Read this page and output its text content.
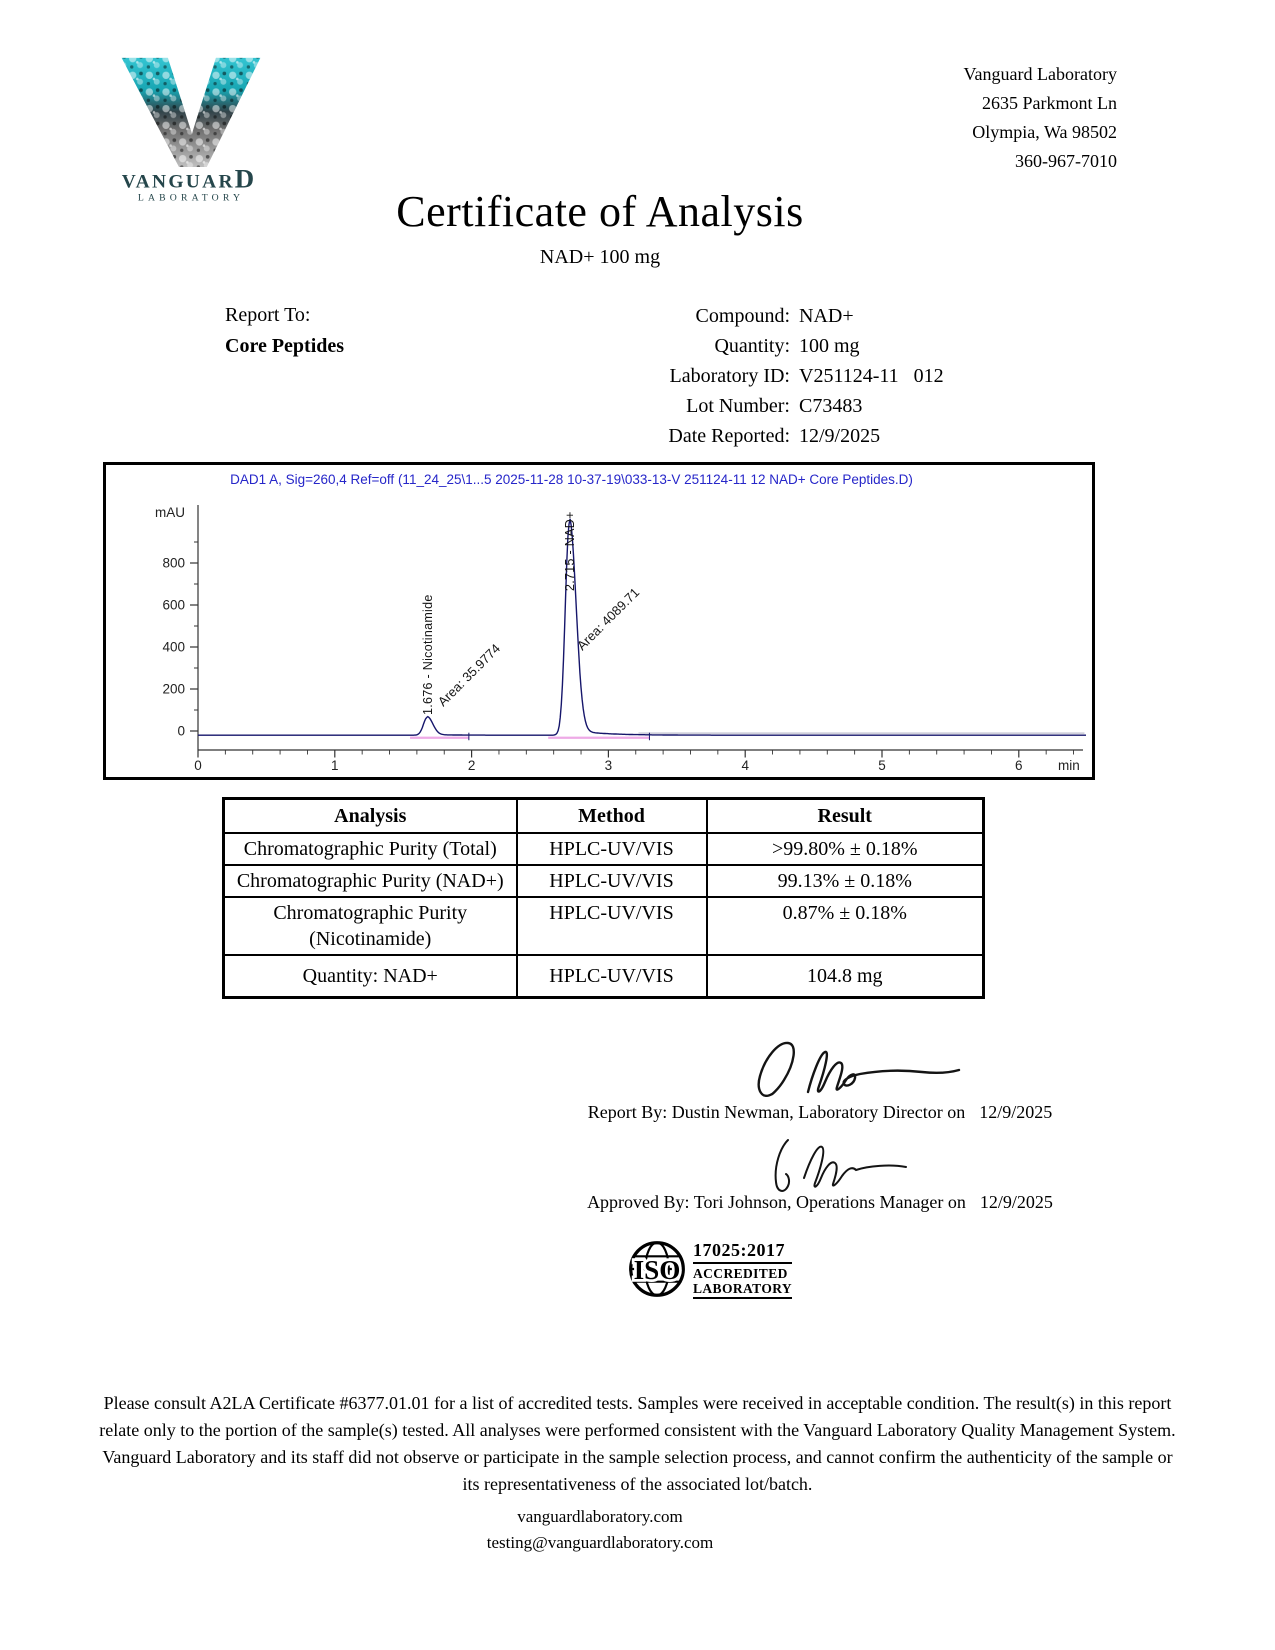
VANGUARD
LABORATORY
Vanguard Laboratory
2635 Parkmont Ln
Olympia, Wa 98502
360-967-7010
Certificate of Analysis
NAD+ 100 mg
Report To:
Core Peptides
Compound: NAD+
Quantity: 100 mg
Laboratory ID: V251124-11   012
Lot Number: C73483
Date Reported: 12/9/2025
0
200
400
600
800
mAU
0	1	2	3	4	5	6	min
1.676 - Nicotinamide Area: 35.9774
2.715 - NAD+
Area: 4089.71
DAD1 A, Sig=260,4 Ref=off (11_24_25\1...5 2025-11-28 10-37-19\033-13-V 251124-11 12 NAD+ Core Peptides.D)
Analysis	Method	Result
Chromatographic Purity (Total)	HPLC-UV/VIS	>99.80% ± 0.18%
Chromatographic Purity (NAD+)	HPLC-UV/VIS	99.13% ± 0.18%
Chromatographic Purity (Nicotinamide)	HPLC-UV/VIS	0.87% ± 0.18%
Quantity: NAD+	HPLC-UV/VIS	104.8 mg
Report By: Dustin Newman, Laboratory Director on 12/9/2025
Approved By: Tori Johnson, Operations Manager on 12/9/2025
ISO
17025:2017
ACCREDITED
LABORATORY
Please consult A2LA Certificate #6377.01.01 for a list of accredited tests. Samples were received in acceptable condition. The result(s) in this report relate only to the portion of the sample(s) tested. All analyses were performed consistent with the Vanguard Laboratory Quality Management System. Vanguard Laboratory and its staff did not observe or participate in the sample selection process, and cannot confirm the authenticity of the sample or its representativeness of the associated lot/batch.
vanguardlaboratory.com
testing@vanguardlaboratory.com
